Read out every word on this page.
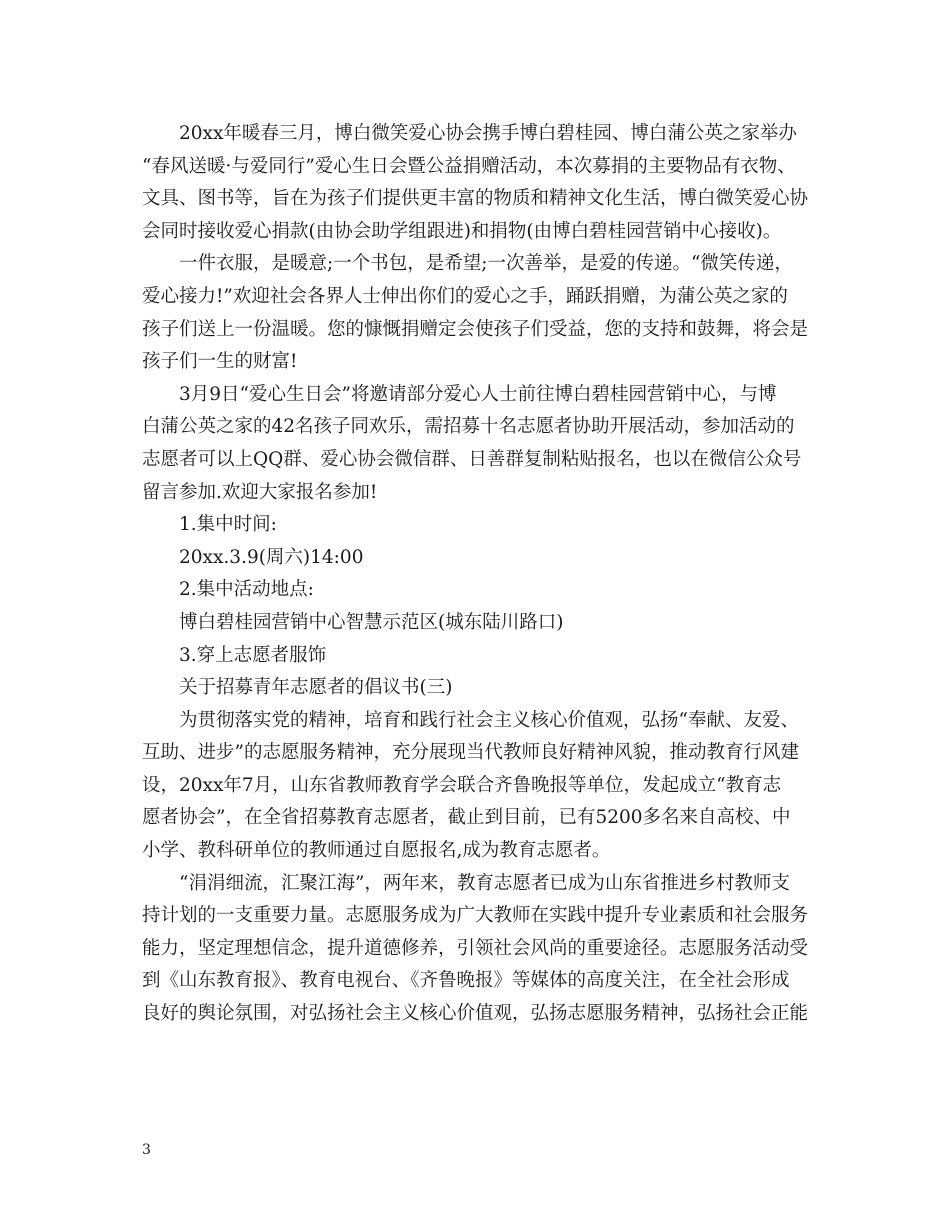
20xx年暖春三月，博白微笑爱心协会携手博白碧桂园、博白蒲公英之家举办
“春风送暖·与爱同行”爱心生日会暨公益捐赠活动，本次募捐的主要物品有衣物、
文具、图书等，旨在为孩子们提供更丰富的物质和精神文化生活，博白微笑爱心协
会同时接收爱心捐款(由协会助学组跟进)和捐物(由博白碧桂园营销中心接收)。
一件衣服，是暖意;一个书包，是希望;一次善举，是爱的传递。“微笑传递，
爱心接力!”欢迎社会各界人士伸出你们的爱心之手，踊跃捐赠，为蒲公英之家的
孩子们送上一份温暖。您的慷慨捐赠定会使孩子们受益，您的支持和鼓舞，将会是
孩子们一生的财富!
3月9日“爱心生日会”将邀请部分爱心人士前往博白碧桂园营销中心，与博
白蒲公英之家的42名孩子同欢乐，需招募十名志愿者协助开展活动，参加活动的
志愿者可以上QQ群、爱心协会微信群、日善群复制粘贴报名，也以在微信公众号
留言参加.欢迎大家报名参加!
1.集中时间:
20xx.3.9(周六)14:00
2.集中活动地点:
博白碧桂园营销中心智慧示范区(城东陆川路口)
3.穿上志愿者服饰
关于招募青年志愿者的倡议书(三)
为贯彻落实党的精神，培育和践行社会主义核心价值观，弘扬“奉献、友爱、
互助、进步”的志愿服务精神，充分展现当代教师良好精神风貌，推动教育行风建
设，20xx年7月，山东省教师教育学会联合齐鲁晚报等单位，发起成立“教育志
愿者协会”，在全省招募教育志愿者，截止到目前，已有5200多名来自高校、中
小学、教科研单位的教师通过自愿报名,成为教育志愿者。
“涓涓细流，汇聚江海”，两年来，教育志愿者已成为山东省推进乡村教师支
持计划的一支重要力量。志愿服务成为广大教师在实践中提升专业素质和社会服务
能力，坚定理想信念，提升道德修养，引领社会风尚的重要途径。志愿服务活动受
到《山东教育报》、教育电视台、《齐鲁晚报》等媒体的高度关注，在全社会形成
良好的舆论氛围，对弘扬社会主义核心价值观，弘扬志愿服务精神，弘扬社会正能
3
